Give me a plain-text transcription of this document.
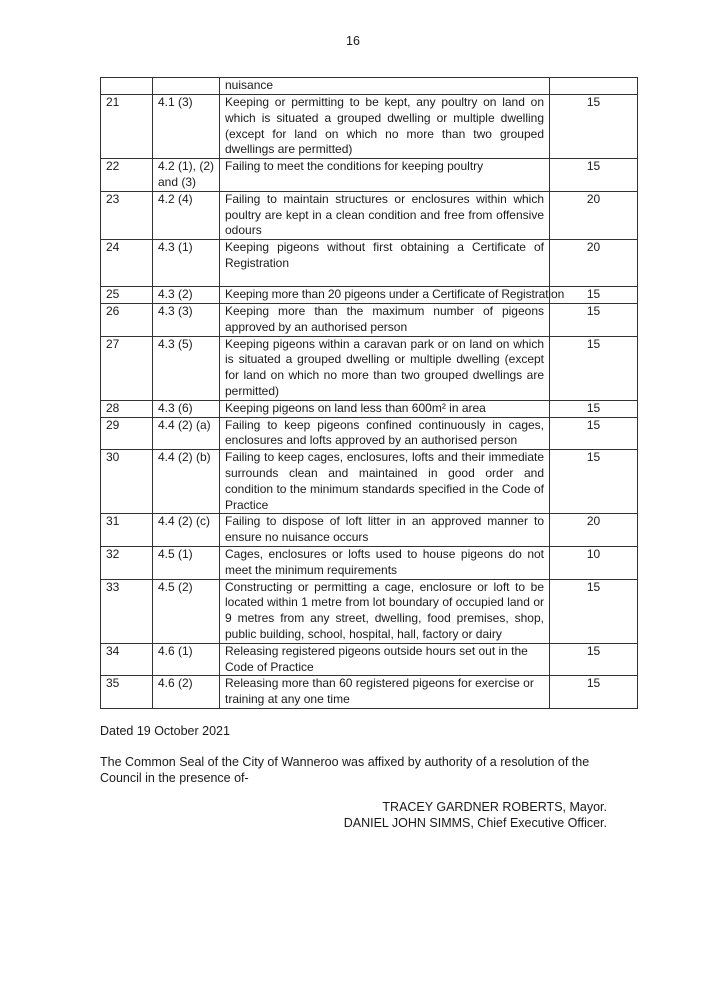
16
		nuisance	
21	4.1 (3)	Keeping or permitting to be kept, any poultry on land on which is situated a grouped dwelling or multiple dwelling (except for land on which no more than two grouped dwellings are permitted)	15
22	4.2 (1), (2) and (3)	Failing to meet the conditions for keeping poultry	15
23	4.2 (4)	Failing to maintain structures or enclosures within which poultry are kept in a clean condition and free from offensive odours	20
24	4.3 (1)	Keeping pigeons without first obtaining a Certificate of Registration	20
25	4.3 (2)	Keeping more than 20 pigeons under a Certificate of Registration	15
26	4.3 (3)	Keeping more than the maximum number of pigeons approved by an authorised person	15
27	4.3 (5)	Keeping pigeons within a caravan park or on land on which is situated a grouped dwelling or multiple dwelling (except for land on which no more than two grouped dwellings are permitted)	15
28	4.3 (6)	Keeping pigeons on land less than 600m² in area	15
29	4.4 (2) (a)	Failing to keep pigeons confined continuously in cages, enclosures and lofts approved by an authorised person	15
30	4.4 (2) (b)	Failing to keep cages, enclosures, lofts and their immediate surrounds clean and maintained in good order and condition to the minimum standards specified in the Code of Practice	15
31	4.4 (2) (c)	Failing to dispose of loft litter in an approved manner to ensure no nuisance occurs	20
32	4.5 (1)	Cages, enclosures or lofts used to house pigeons do not meet the minimum requirements	10
33	4.5 (2)	Constructing or permitting a cage, enclosure or loft to be located within 1 metre from lot boundary of occupied land or 9 metres from any street, dwelling, food premises, shop, public building, school, hospital, hall, factory or dairy	15
34	4.6 (1)	Releasing registered pigeons outside hours set out in the Code of Practice	15
35	4.6 (2)	Releasing more than 60 registered pigeons for exercise or training at any one time	15
Dated 19 October 2021
The Common Seal of the City of Wanneroo was affixed by authority of a resolution of the Council in the presence of-
TRACEY GARDNER ROBERTS, Mayor.
DANIEL JOHN SIMMS, Chief Executive Officer.
